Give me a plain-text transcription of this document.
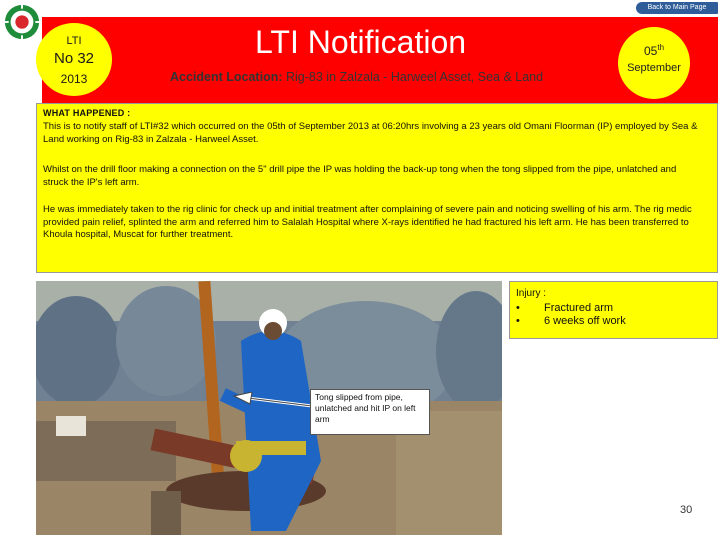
Back to Main Page
LTI
No 32
2013
LTI Notification
Accident Location: Rig-83 in Zalzala - Harweel Asset, Sea & Land
05th
September
WHAT HAPPENED :

This is to notify staff of LTI#32 which occurred on the 05th of September 2013 at 06:20hrs involving a 23 years old Omani Floorman (IP) employed by Sea & Land working on Rig-83 in Zalzala - Harweel Asset.

Whilst on the drill floor making a connection on the 5" drill pipe the IP was holding the back-up tong when the tong slipped from the pipe, unlatched and struck the IP's left arm.

He was immediately taken to the rig clinic for check up and initial treatment after complaining of severe pain and noticing swelling of his arm. The rig medic provided pain relief, splinted the arm and referred him to Salalah Hospital where X-rays identified he had fractured his left arm. He has been transferred to Khoula hospital, Muscat for further treatment.

Injury :
• Fractured arm
• 6 weeks off work
Tong slipped from pipe, unlatched and hit IP on left arm
30
